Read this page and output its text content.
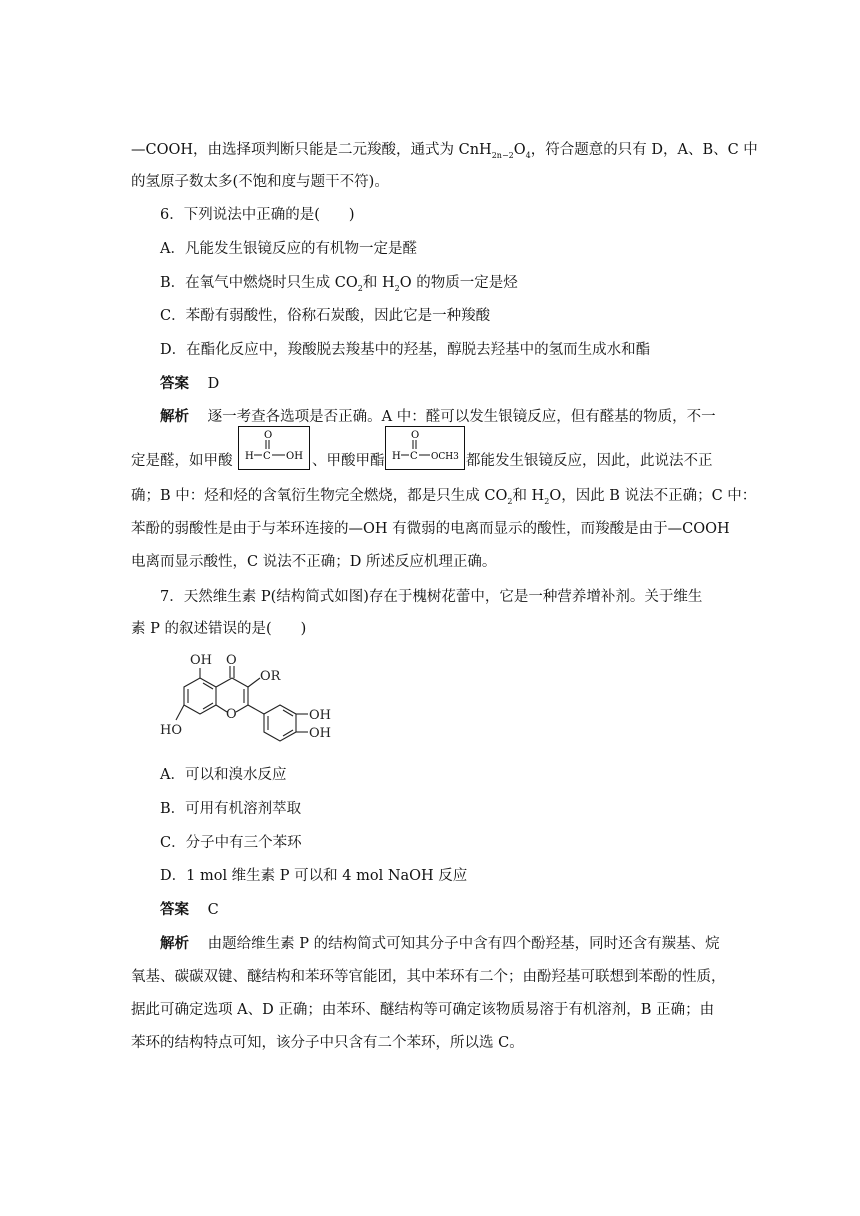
—COOH，由选择项判断只能是二元羧酸，通式为 $CnH_{2n-2}O_4$，符合题意的只有 D，A、B、C 中
的氢原子数太多(不饱和度与题干不符)。
6．下列说法中正确的是(　　)
A．凡能发生银镜反应的有机物一定是醛
B．在氧气中燃烧时只生成 $CO_2$和 $H_2O$ 的物质一定是烃
C．苯酚有弱酸性，俗称石炭酸，因此它是一种羧酸
D．在酯化反应中，羧酸脱去羧基中的羟基，醇脱去羟基中的氢而生成水和酯
答案 D
解析 逐一考查各选项是否正确。A 中：醛可以发生银镜反应，但有醛基的物质，不一
定是醛，如甲酸 H C
O
OH 、甲酸甲酯 H C
O
OCH3 都能发生银镜反应，因此，此说法不正
确；B 中：烃和烃的含氧衍生物完全燃烧，都是只生成 $CO_2$和 $H_2O$，因此 B 说法不正确；C 中：
苯酚的弱酸性是由于与苯环连接的—OH 有微弱的电离而显示的酸性，而羧酸是由于—COOH
电离而显示酸性，C 说法不正确；D 所述反应机理正确。
7．天然维生素 P(结构简式如图)存在于槐树花蕾中，它是一种营养增补剂。关于维生
素 P 的叙述错误的是(　　)
OH O
OR
HO
O	OH
OH
A．可以和溴水反应
B．可用有机溶剂萃取
C．分子中有三个苯环
D．1 mol 维生素 P 可以和 4 mol NaOH 反应
答案 C
解析 由题给维生素 P 的结构简式可知其分子中含有四个酚羟基，同时还含有羰基、烷
氧基、碳碳双键、醚结构和苯环等官能团，其中苯环有二个；由酚羟基可联想到苯酚的性质，
据此可确定选项 A、D 正确；由苯环、醚结构等可确定该物质易溶于有机溶剂，B 正确；由
苯环的结构特点可知，该分子中只含有二个苯环，所以选 C。
